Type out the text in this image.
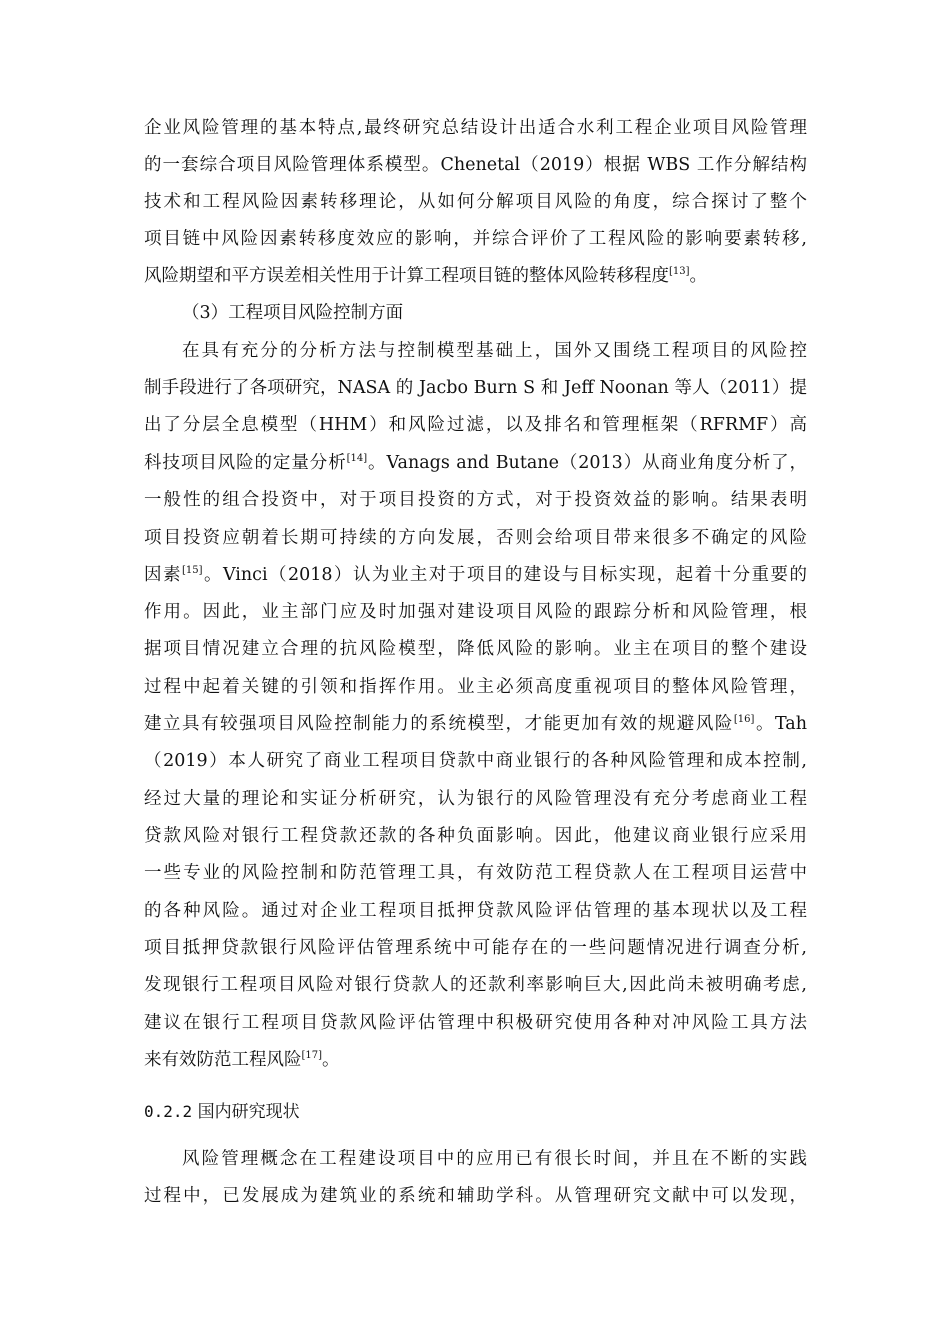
企业风险管理的基本特点,最终研究总结设计出适合水利工程企业项目风险管理
的一套综合项目风险管理体系模型。Chenetal（2019）根据 WBS 工作分解结构
技术和工程风险因素转移理论，从如何分解项目风险的角度，综合探讨了整个
项目链中风险因素转移度效应的影响，并综合评价了工程风险的影响要素转移,
风险期望和平方误差相关性用于计算工程项目链的整体风险转移程度[13]。
（3）工程项目风险控制方面
在具有充分的分析方法与控制模型基础上，国外又围绕工程项目的风险控
制手段进行了各项研究，NASA 的 Jacbo Burn S 和 Jeff Noonan 等人（2011）提
出了分层全息模型（HHM）和风险过滤，以及排名和管理框架（RFRMF）高
科技项目风险的定量分析[14]。Vanags and Butane（2013）从商业角度分析了，
一般性的组合投资中，对于项目投资的方式，对于投资效益的影响。结果表明
项目投资应朝着长期可持续的方向发展，否则会给项目带来很多不确定的风险
因素[15]。Vinci（2018）认为业主对于项目的建设与目标实现，起着十分重要的
作用。因此，业主部门应及时加强对建设项目风险的跟踪分析和风险管理，根
据项目情况建立合理的抗风险模型，降低风险的影响。业主在项目的整个建设
过程中起着关键的引领和指挥作用。业主必须高度重视项目的整体风险管理，
建立具有较强项目风险控制能力的系统模型，才能更加有效的规避风险[16]。Tah
（2019）本人研究了商业工程项目贷款中商业银行的各种风险管理和成本控制,
经过大量的理论和实证分析研究，认为银行的风险管理没有充分考虑商业工程
贷款风险对银行工程贷款还款的各种负面影响。因此，他建议商业银行应采用
一些专业的风险控制和防范管理工具，有效防范工程贷款人在工程项目运营中
的各种风险。通过对企业工程项目抵押贷款风险评估管理的基本现状以及工程
项目抵押贷款银行风险评估管理系统中可能存在的一些问题情况进行调查分析,
发现银行工程项目风险对银行贷款人的还款利率影响巨大,因此尚未被明确考虑,
建议在银行工程项目贷款风险评估管理中积极研究使用各种对冲风险工具方法
来有效防范工程风险[17]。
0.2.2 国内研究现状
风险管理概念在工程建设项目中的应用已有很长时间，并且在不断的实践
过程中，已发展成为建筑业的系统和辅助学科。从管理研究文献中可以发现，
